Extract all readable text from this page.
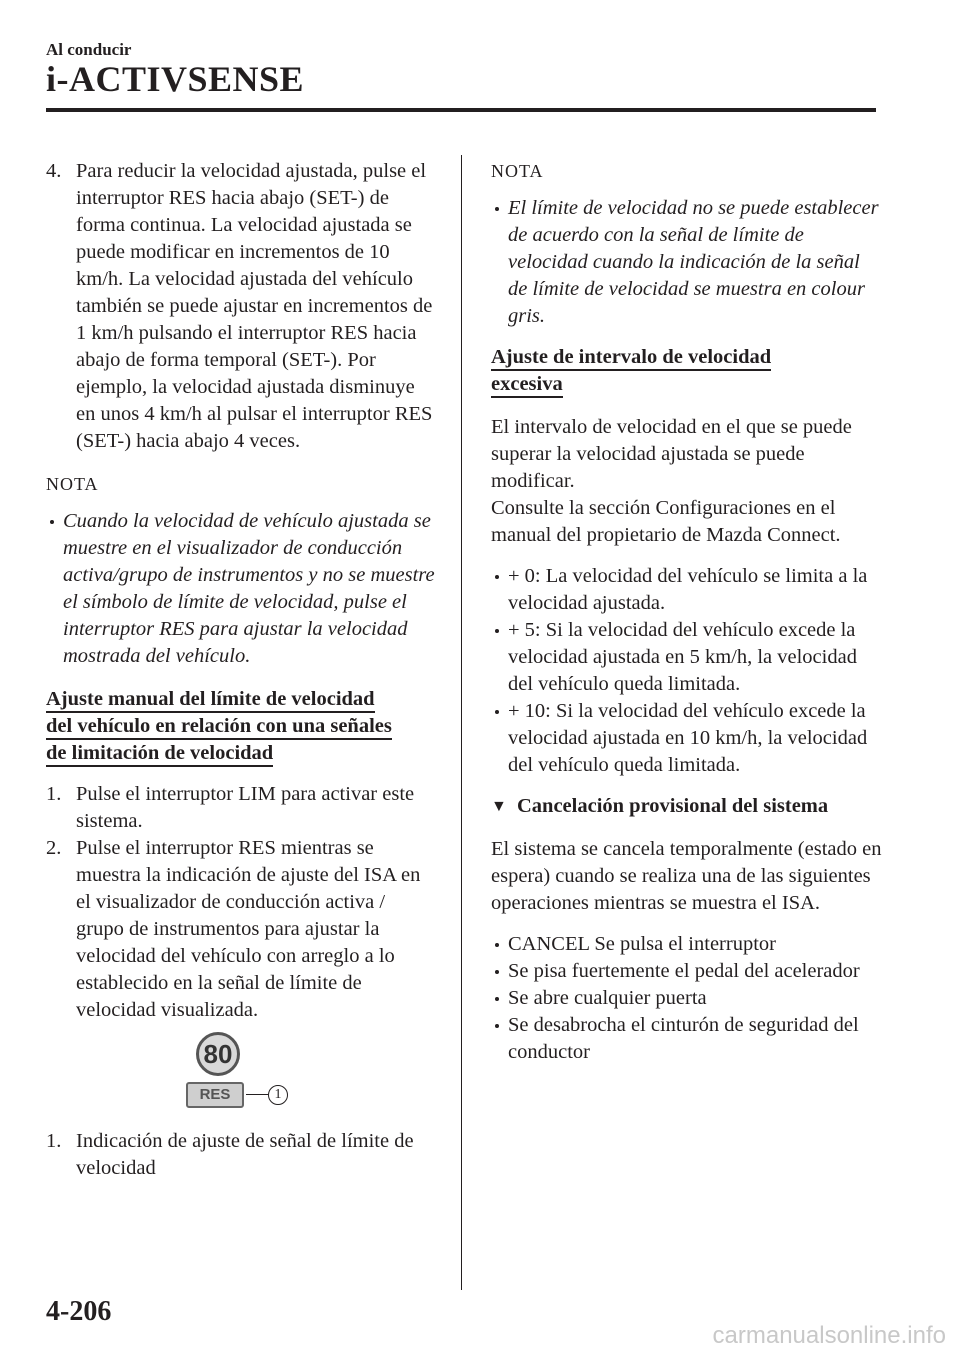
Al conducir
i-ACTIVSENSE
4. Para reducir la velocidad ajustada, pulse el interruptor RES hacia abajo (SET-) de forma continua. La velocidad ajustada se puede modificar en incrementos de 10 km/h. La velocidad ajustada del vehículo también se puede ajustar en incrementos de 1 km/h pulsando el interruptor RES hacia abajo de forma temporal (SET-). Por ejemplo, la velocidad ajustada disminuye en unos 4 km/h al pulsar el interruptor RES (SET-) hacia abajo 4 veces.

NOTA

Cuando la velocidad de vehículo ajustada se muestre en el visualizador de conducción activa/grupo de instrumentos y no se muestre el símbolo de límite de velocidad, pulse el interruptor RES para ajustar la velocidad mostrada del vehículo.
Ajuste manual del límite de velocidad
del vehículo en relación con una señales
de limitación de velocidad
1. Pulse el interruptor LIM para activar este sistema.
2. Pulse el interruptor RES mientras se muestra la indicación de ajuste del ISA en el visualizador de conducción activa / grupo de instrumentos para ajustar la velocidad del vehículo con arreglo a lo establecido en la señal de límite de velocidad visualizada.
80
RES	1
1. Indicación de ajuste de señal de límite de velocidad

NOTA

El límite de velocidad no se puede establecer de acuerdo con la señal de límite de velocidad cuando la indicación de la señal de límite de velocidad se muestra en colour gris.
Ajuste de intervalo de velocidad
excesiva

El intervalo de velocidad en el que se puede superar la velocidad ajustada se puede modificar.

Consulte la sección Configuraciones en el manual del propietario de Mazda Connect.

+ 0: La velocidad del vehículo se limita a la velocidad ajustada.
+ 5: Si la velocidad del vehículo excede la velocidad ajustada en 5 km/h, la velocidad del vehículo queda limitada.
+ 10: Si la velocidad del vehículo excede la velocidad ajustada en 10 km/h, la velocidad del vehículo queda limitada.
▼ Cancelación provisional del sistema

El sistema se cancela temporalmente (estado en espera) cuando se realiza una de las siguientes operaciones mientras se muestra el ISA.

CANCEL Se pulsa el interruptor
Se pisa fuertemente el pedal del acelerador
Se abre cualquier puerta
Se desabrocha el cinturón de seguridad del conductor
4-206
carmanualsonline.info
